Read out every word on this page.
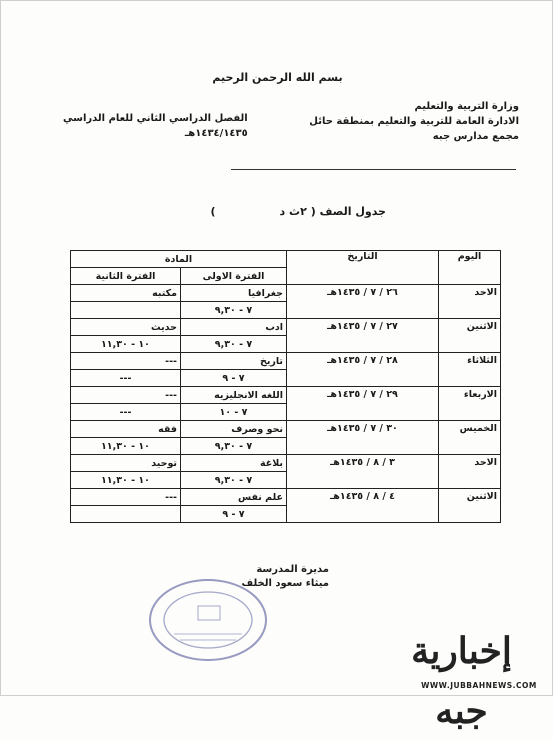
بسم الله الرحمن الرحيم
وزارة التربية والتعليم
الادارة العامة للتربية والتعليم بمنطقة حائل
مجمع مدارس جبه
الفصل الدراسي الثاني للعام الدراسي
١٤٣٤/١٤٣٥هـ
جدول الصف (٢ث د)
اليوم	التاريخ	المادة	
		الفترة الاولى	الفترة الثانية
الاحد	٢٦ / ٧ / ١٤٣٥هـ	جغرافيا	مكتبه
		٧ - ٩,٣٠	
الاثنين	٢٧ / ٧ / ١٤٣٥هـ	ادب	حديث
		٧ - ٩,٣٠	١٠ - ١١,٣٠
الثلاثاء	٢٨ / ٧ / ١٤٣٥هـ	تاريخ	---
		٧ - ٩	---
الاربعاء	٢٩ / ٧ / ١٤٣٥هـ	اللغه الانجليزيه	---
		٧ - ١٠	---
الخميس	٣٠ / ٧ / ١٤٣٥هـ	نحو وصرف	فقه
		٧ - ٩,٣٠	١٠ - ١١,٣٠
الاحد	٣ / ٨ / ١٤٣٥هـ	بلاغة	توحيد
		٧ - ٩,٣٠	١٠ - ١١,٣٠
الاثنين	٤ / ٨ / ١٤٣٥هـ	علم نفس	---
		٧ - ٩	
مديرة المدرسة
ميثاء سعود الخلف
إخبارية جبه
WWW.JUBBAHNEWS.COM
